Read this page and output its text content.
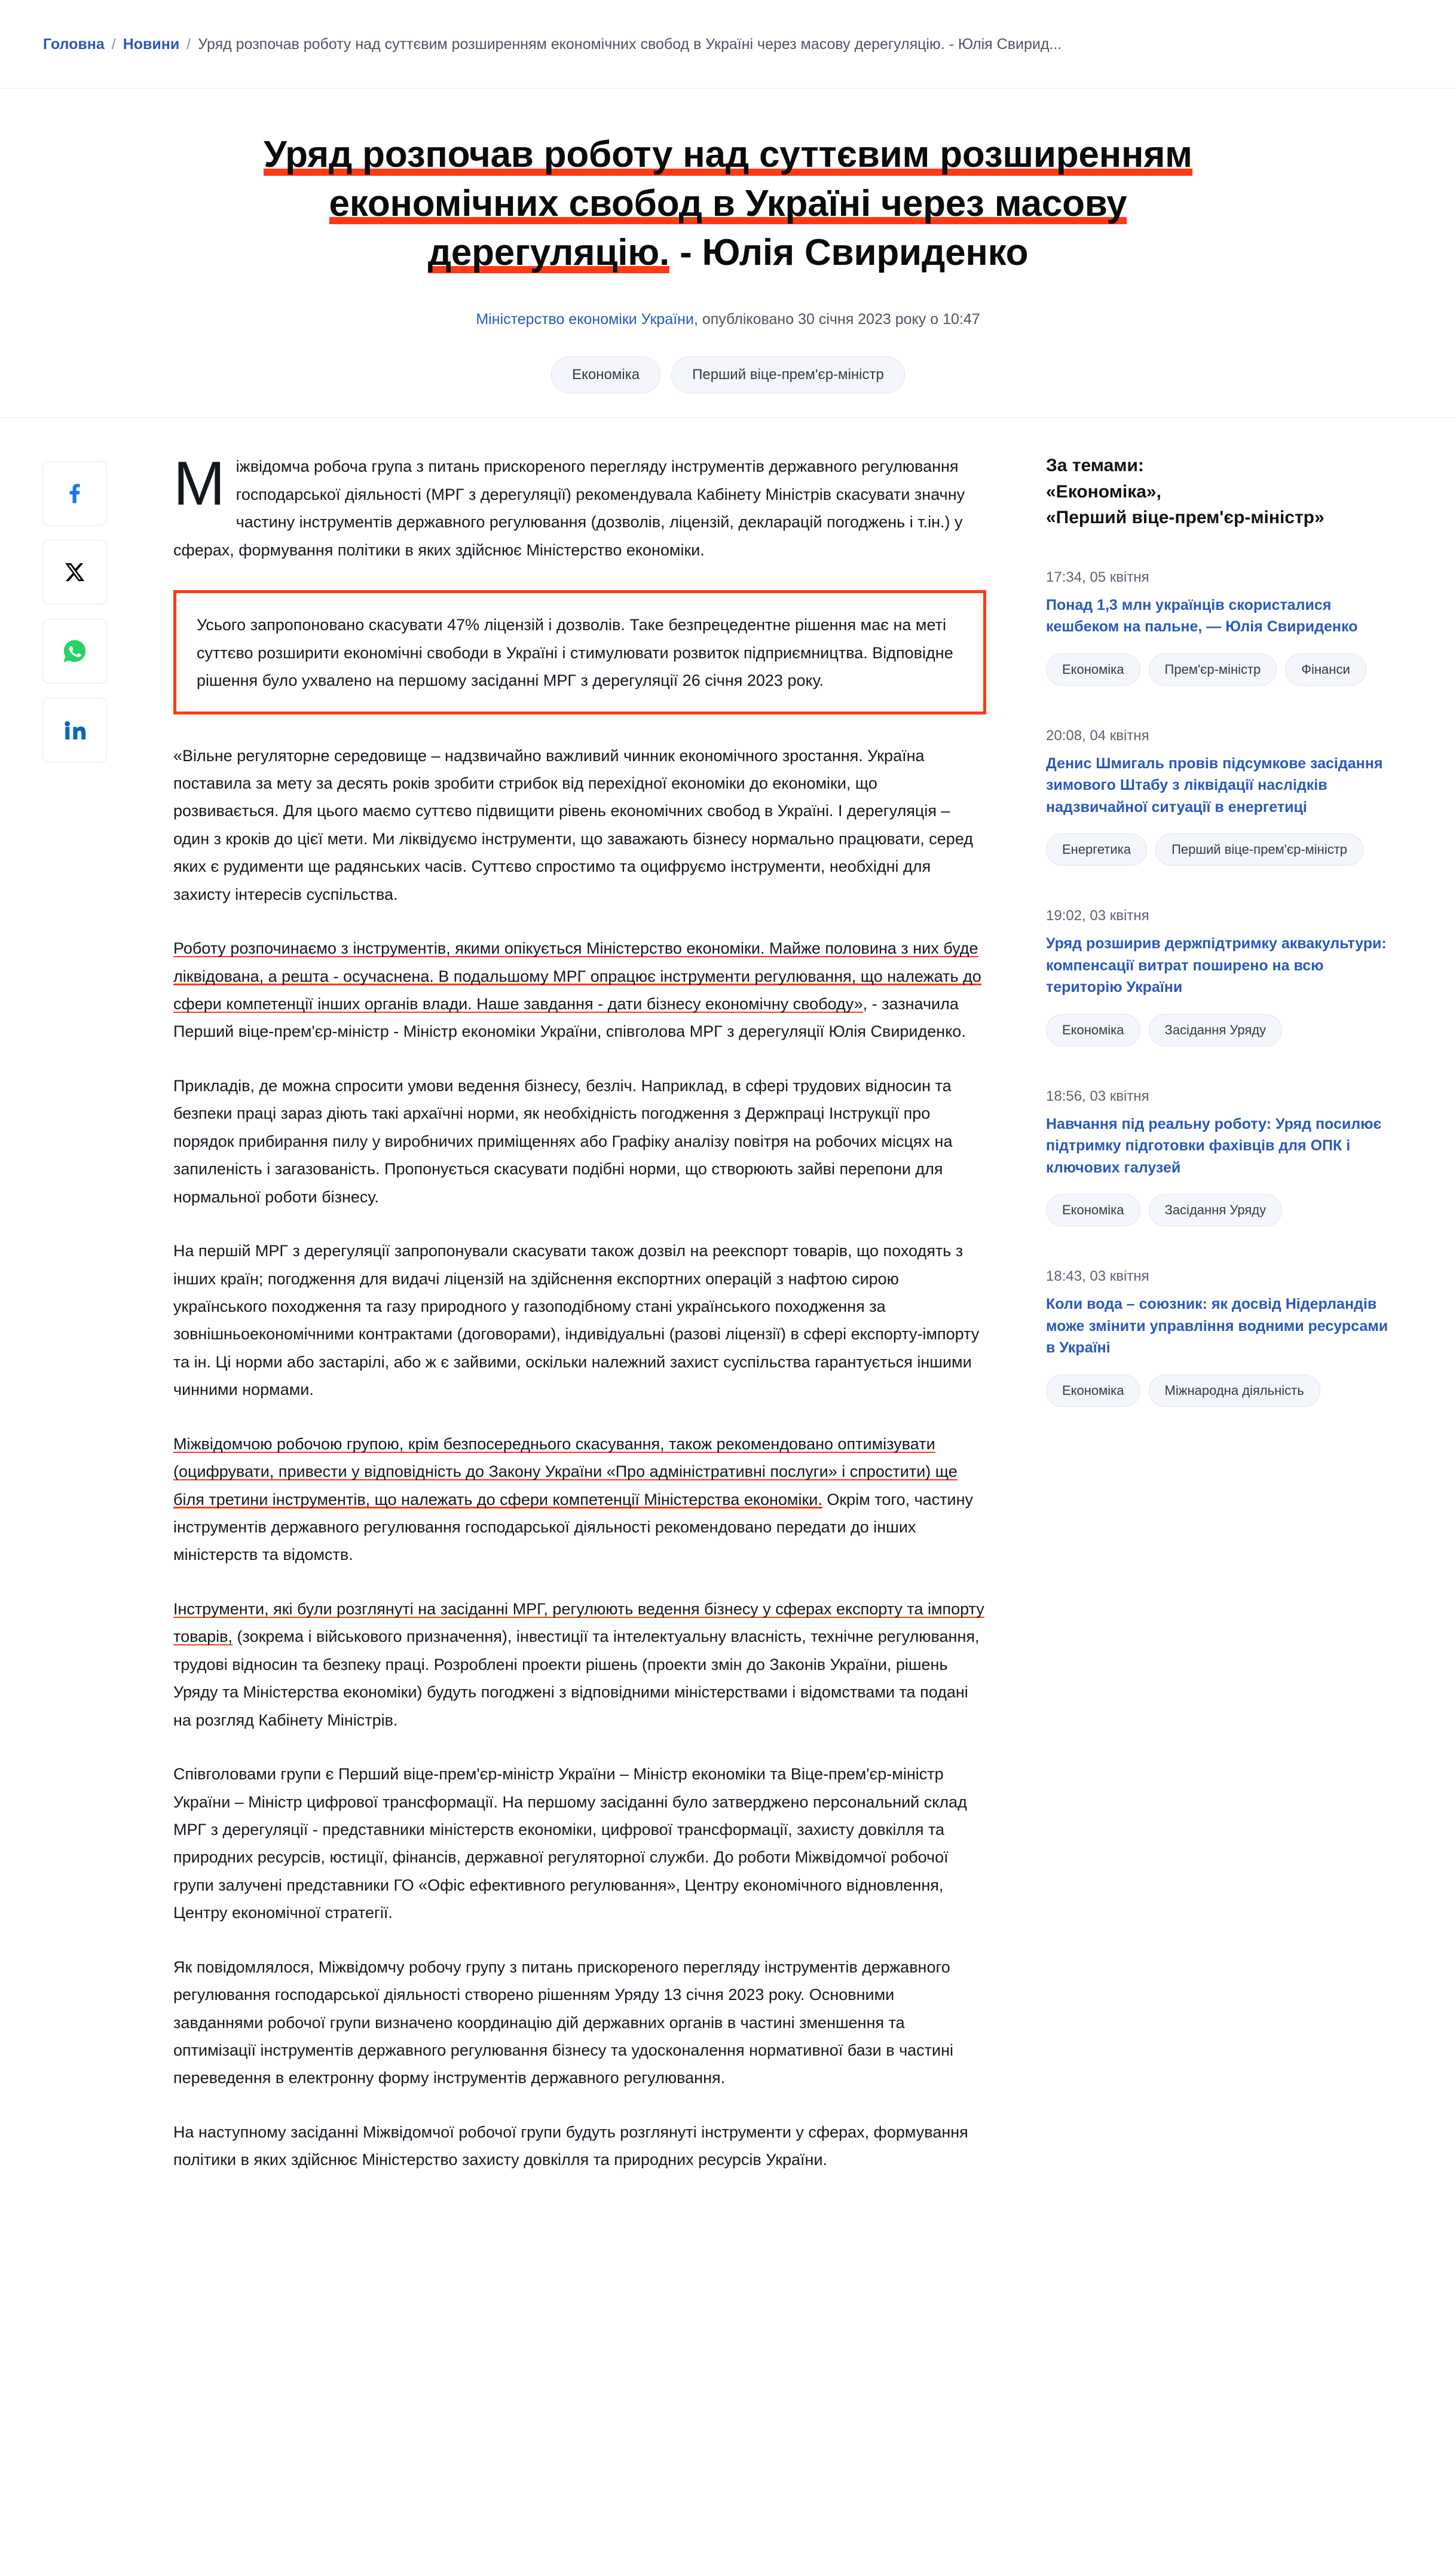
Головна / Новини / Уряд розпочав роботу над суттєвим розширенням економічних свобод в Україні через масову дерегуляцію. - Юлія Свирид...
Уряд розпочав роботу над суттєвим розширенням
економічних свобод в Україні через масову
дерегуляцію. - Юлія Свириденко
Міністерство економіки України, опубліковано 30 січня 2023 року о 10:47
Економіка	Перший віце-прем'єр-міністр

Міжвідомча робоча група з питань прискореного перегляду інструментів державного регулювання господарської діяльності (МРГ з дерегуляції) рекомендувала Кабінету Міністрів скасувати значну частину інструментів державного регулювання (дозволів, ліцензій, декларацій погоджень і т.ін.) у сферах, формування політики в яких здійснює Міністерство економіки.

Усього запропоновано скасувати 47% ліцензій і дозволів. Таке безпрецедентне рішення має на меті суттєво розширити економічні свободи в Україні і стимулювати розвиток підприємництва. Відповідне рішення було ухвалено на першому засіданні МРГ з дерегуляції 26 січня 2023 року.

«Вільне регуляторне середовище – надзвичайно важливий чинник економічного зростання. Україна поставила за мету за десять років зробити стрибок від перехідної економіки до економіки, що розвивається. Для цього маємо суттєво підвищити рівень економічних свобод в Україні. І дерегуляція – один з кроків до цієї мети. Ми ліквідуємо інструменти, що заважають бізнесу нормально працювати, серед яких є рудименти ще радянських часів. Суттєво спростимо та оцифруємо інструменти, необхідні для захисту інтересів суспільства.

Роботу розпочинаємо з інструментів, якими опікується Міністерство економіки. Майже половина з них буде ліквідована, а решта - осучаснена. В подальшому МРГ опрацює інструменти регулювання, що належать до сфери компетенції інших органів влади. Наше завдання - дати бізнесу економічну свободу», - зазначила Перший віце-прем'єр-міністр - Міністр економіки України, співголова МРГ з дерегуляції Юлія Свириденко.

Прикладів, де можна спросити умови ведення бізнесу, безліч. Наприклад, в сфері трудових відносин та безпеки праці зараз діють такі архаїчні норми, як необхідність погодження з Держпраці Інструкції про порядок прибирання пилу у виробничих приміщеннях або Графіку аналізу повітря на робочих місцях на запиленість і загазованість. Пропонується скасувати подібні норми, що створюють зайві перепони для нормальної роботи бізнесу.

На першій МРГ з дерегуляції запропонували скасувати також дозвіл на реекспорт товарів, що походять з інших країн; погодження для видачі ліцензій на здійснення експортних операцій з нафтою сирою українського походження та газу природного у газоподібному стані українського походження за зовнішньоекономічними контрактами (договорами), індивідуальні (разові ліцензії) в сфері експорту-імпорту та ін. Ці норми або застарілі, або ж є зайвими, оскільки належний захист суспільства гарантується іншими чинними нормами.

Міжвідомчою робочою групою, крім безпосереднього скасування, також рекомендовано оптимізувати (оцифрувати, привести у відповідність до Закону України «Про адміністративні послуги» і спростити) ще біля третини інструментів, що належать до сфери компетенції Міністерства економіки. Окрім того, частину інструментів державного регулювання господарської діяльності рекомендовано передати до інших міністерств та відомств.

Інструменти, які були розглянуті на засіданні МРГ, регулюють ведення бізнесу у сферах експорту та імпорту товарів, (зокрема і військового призначення), інвестиції та інтелектуальну власність, технічне регулювання, трудові відносин та безпеку праці. Розроблені проекти рішень (проекти змін до Законів України, рішень Уряду та Міністерства економіки) будуть погоджені з відповідними міністерствами і відомствами та подані на розгляд Кабінету Міністрів.

Співголовами групи є Перший віце-прем'єр-міністр України – Міністр економіки та Віце-прем'єр-міністр України – Міністр цифрової трансформації. На першому засіданні було затверджено персональний склад МРГ з дерегуляції - представники міністерств економіки, цифрової трансформації, захисту довкілля та природних ресурсів, юстиції, фінансів, державної регуляторної служби. До роботи Міжвідомчої робочої групи залучені представники ГО «Офіс ефективного регулювання», Центру економічного відновлення, Центру економічної стратегії.

Як повідомлялося, Міжвідомчу робочу групу з питань прискореного перегляду інструментів державного регулювання господарської діяльності створено рішенням Уряду 13 січня 2023 року. Основними завданнями робочої групи визначено координацію дій державних органів в частині зменшення та оптимізації інструментів державного регулювання бізнесу та удосконалення нормативної бази в частині переведення в електронну форму інструментів державного регулювання.

На наступному засіданні Міжвідомчої робочої групи будуть розглянуті інструменти у сферах, формування політики в яких здійснює Міністерство захисту довкілля та природних ресурсів України.

За темами:
«Економіка»,
«Перший віце-прем'єр-міністр»
17:34, 05 квітня
Понад 1,3 млн українців скористалися кешбеком на пальне, — Юлія Свириденко
Економіка	Прем'єр-міністр	Фінанси
20:08, 04 квітня
Денис Шмигаль провів підсумкове засідання зимового Штабу з ліквідації наслідків надзвичайної ситуації в енергетиці
Енергетика	Перший віце-прем'єр-міністр
19:02, 03 квітня
Уряд розширив держпідтримку аквакультури: компенсації витрат поширено на всю територію України
Економіка	Засідання Уряду
18:56, 03 квітня
Навчання під реальну роботу: Уряд посилює підтримку підготовки фахівців для ОПК і ключових галузей
Економіка	Засідання Уряду
18:43, 03 квітня
Коли вода – союзник: як досвід Нідерландів може змінити управління водними ресурсами в Україні
Економіка	Міжнародна діяльність
